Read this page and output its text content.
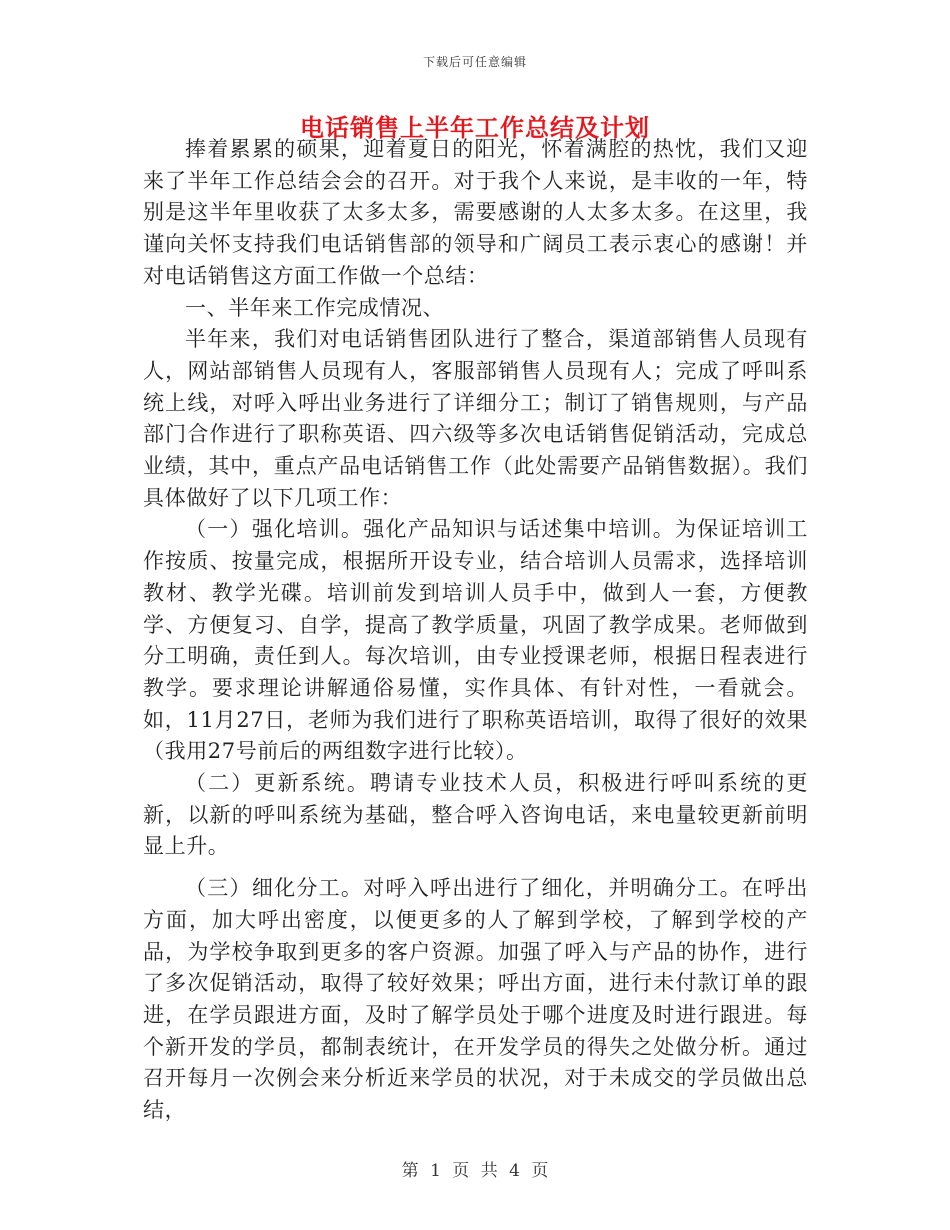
下载后可任意编辑
电话销售上半年工作总结及计划

捧着累累的硕果，迎着夏日的阳光，怀着满腔的热忱，我们又迎来了半年工作总结会会的召开。对于我个人来说，是丰收的一年，特别是这半年里收获了太多太多，需要感谢的人太多太多。在这里，我谨向关怀支持我们电话销售部的领导和广阔员工表示衷心的感谢！并对电话销售这方面工作做一个总结：

一、半年来工作完成情况、

半年来，我们对电话销售团队进行了整合，渠道部销售人员现有人，网站部销售人员现有人，客服部销售人员现有人；完成了呼叫系统上线，对呼入呼出业务进行了详细分工；制订了销售规则，与产品部门合作进行了职称英语、四六级等多次电话销售促销活动，完成总业绩，其中，重点产品电话销售工作（此处需要产品销售数据）。我们具体做好了以下几项工作：

（一）强化培训。强化产品知识与话述集中培训。为保证培训工作按质、按量完成，根据所开设专业，结合培训人员需求，选择培训教材、教学光碟。培训前发到培训人员手中，做到人一套，方便教学、方便复习、自学，提高了教学质量，巩固了教学成果。老师做到分工明确，责任到人。每次培训，由专业授课老师，根据日程表进行教学。要求理论讲解通俗易懂，实作具体、有针对性，一看就会。如，11月27日，老师为我们进行了职称英语培训，取得了很好的效果（我用27号前后的两组数字进行比较）。

（二）更新系统。聘请专业技术人员，积极进行呼叫系统的更新，以新的呼叫系统为基础，整合呼入咨询电话，来电量较更新前明显上升。

（三）细化分工。对呼入呼出进行了细化，并明确分工。在呼出方面，加大呼出密度，以便更多的人了解到学校，了解到学校的产品，为学校争取到更多的客户资源。加强了呼入与产品的协作，进行了多次促销活动，取得了较好效果；呼出方面，进行未付款订单的跟进，在学员跟进方面，及时了解学员处于哪个进度及时进行跟进。每个新开发的学员，都制表统计，在开发学员的得失之处做分析。通过召开每月一次例会来分析近来学员的状况，对于未成交的学员做出总结，

第 1 页 共 4 页
